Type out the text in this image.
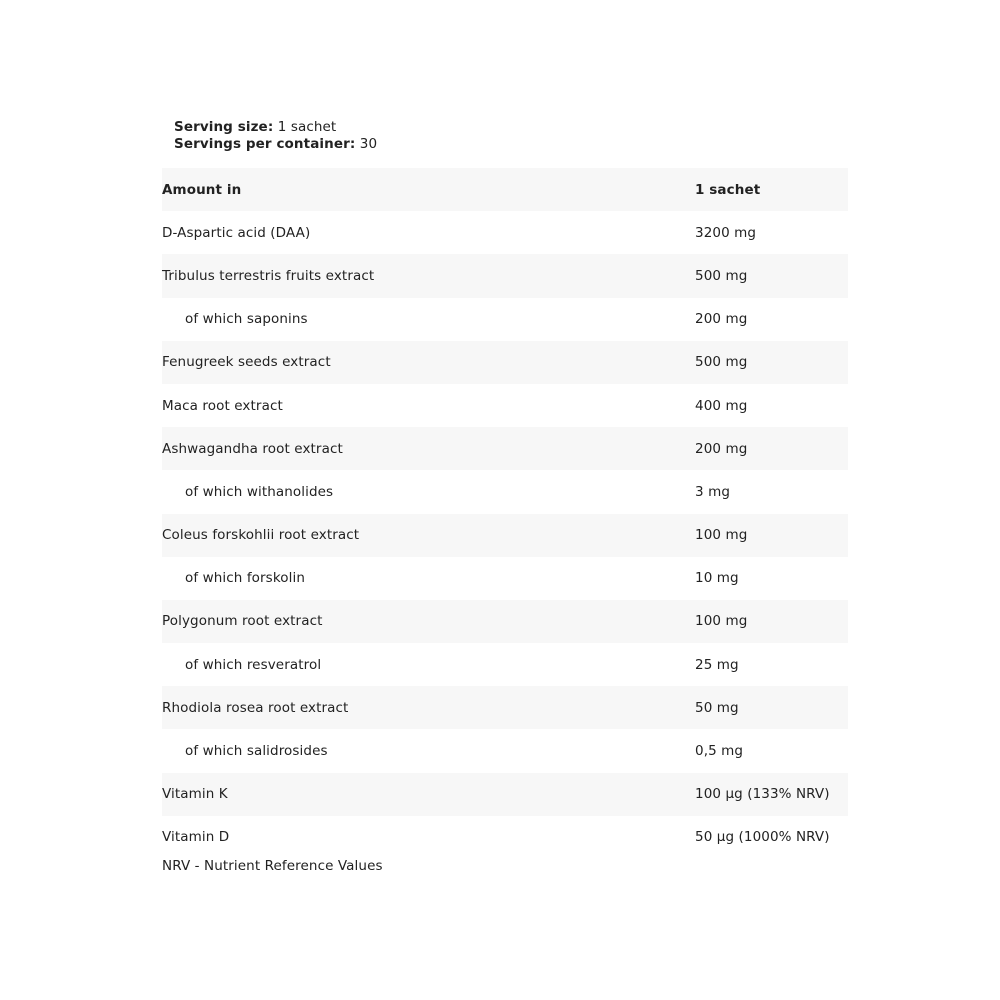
Serving size: 1 sachet
Servings per container: 30
Amount in	1 sachet
D-Aspartic acid (DAA)	3200 mg
Tribulus terrestris fruits extract	500 mg
of which saponins	200 mg
Fenugreek seeds extract	500 mg
Maca root extract	400 mg
Ashwagandha root extract	200 mg
of which withanolides	3 mg
Coleus forskohlii root extract	100 mg
of which forskolin	10 mg
Polygonum root extract	100 mg
of which resveratrol	25 mg
Rhodiola rosea root extract	50 mg
of which salidrosides	0,5 mg
Vitamin K	100 µg (133% NRV)
Vitamin D	50 µg (1000% NRV)
NRV - Nutrient Reference Values
